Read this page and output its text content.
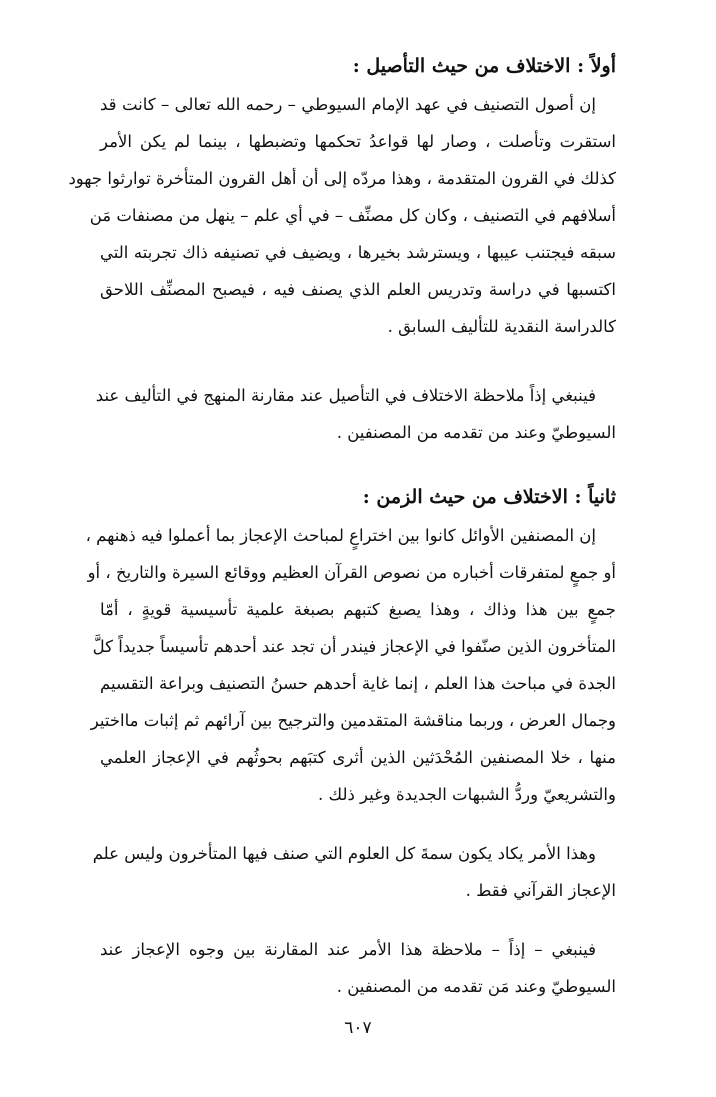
أولاً : الاختلاف من حيث التأصيل :
إن أصول التصنيف في عهد الإمام السيوطي – رحمه الله تعالى – كانت قد
استقرت وتأصلت ، وصار لها قواعدُ تحكمها وتضبطها ، بينما لم يكن الأمر
كذلك في القرون المتقدمة ، وهذا مردّه إلى أن أهل القرون المتأخرة توارثوا جهود
أسلافهم في التصنيف ، وكان كل مصنِّف – في أي علم – ينهل من مصنفات مَن
سبقه فيجتنب عيبها ، ويسترشد بخيرها ، ويضيف في تصنيفه ذاك تجربته التي
اكتسبها في دراسة وتدريس العلم الذي يصنف فيه ، فيصبح المصنِّف اللاحق
كالدراسة النقدية للتأليف السابق .
فينبغي إذاً ملاحظة الاختلاف في التأصيل عند مقارنة المنهج في التأليف عند
السيوطيّ وعند من تقدمه من المصنفين .
ثانياً : الاختلاف من حيث الزمن :
إن المصنفين الأوائل كانوا بين اختراعٍ لمباحث الإعجاز بما أعملوا فيه ذهنهم ،
أو جمعٍ لمتفرقات أخباره من نصوص القرآن العظيم ووقائع السيرة والتاريخ ، أو
جمعٍ بين هذا وذاك ، وهذا يصبغ كتبهم بصبغة علمية تأسيسية قويةٍ ، أمّا
المتأخرون الذين صنّفوا في الإعجاز فيندر أن تجد عند أحدهم تأسيساً جديداً كلَّ
الجدة في مباحث هذا العلم ، إنما غاية أحدهم حسنُ التصنيف وبراعة التقسيم
وجمال العرض ، وربما مناقشة المتقدمين والترجيح بين آرائهم ثم إثبات مااختير
منها ، خلا المصنفين المُحْدَثين الذين أثرى كتبَهم بحوثُهم في الإعجاز العلمي
والتشريعيّ وردُّ الشبهات الجديدة وغير ذلك .
وهذا الأمر يكاد يكون سمةَ كل العلوم التي صنف فيها المتأخرون وليس علم
الإعجاز القرآني فقط .
فينبغي – إذاً – ملاحظة هذا الأمر عند المقارنة بين وجوه الإعجاز عند
السيوطيّ وعند مَن تقدمه من المصنفين .
٦٠٧
